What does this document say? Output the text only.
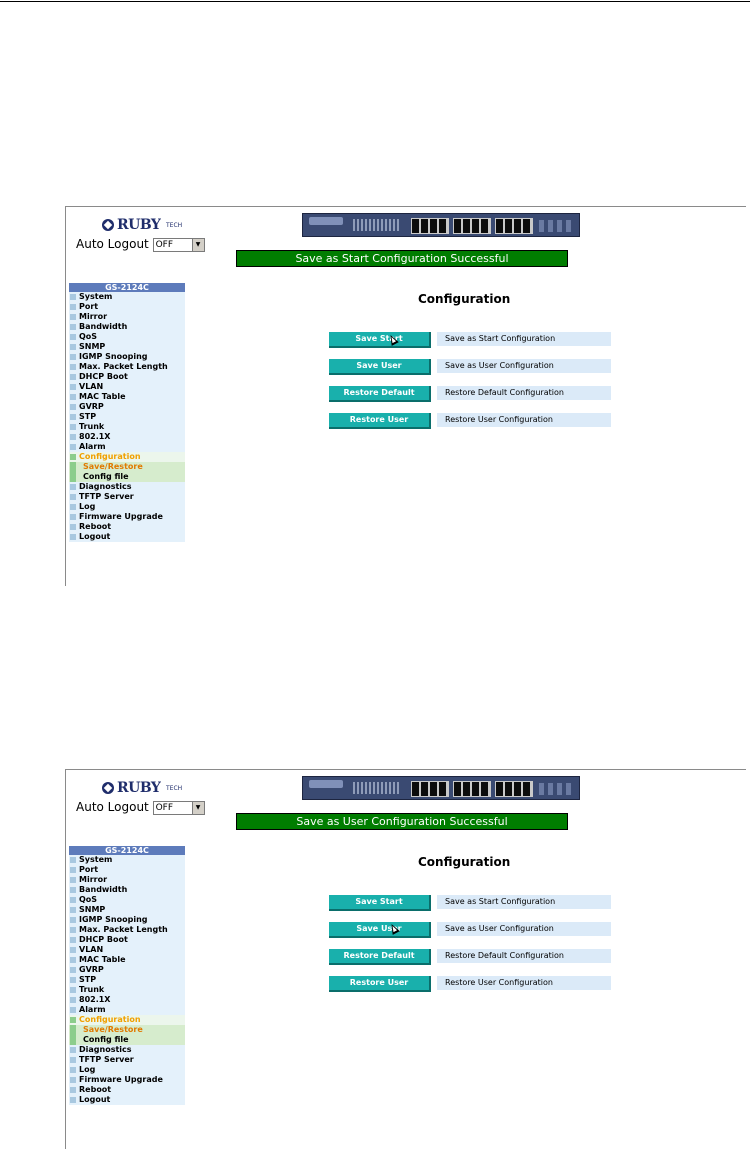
RUBY TECH
Auto Logout OFF	▼
Save as Start Configuration Successful
GS-2124C
System
Port
Mirror
Bandwidth
QoS
SNMP
IGMP Snooping
Max. Packet Length
DHCP Boot
VLAN
MAC Table
GVRP
STP
Trunk
802.1X
Alarm
Configuration
Save/Restore
Config file
Diagnostics
TFTP Server
Log
Firmware Upgrade
Reboot
Logout
Configuration
Save Start	Save as Start Configuration
Save User	Save as User Configuration
Restore Default	Restore Default Configuration
Restore User	Restore User Configuration
RUBY TECH
Auto Logout OFF	▼
Save as User Configuration Successful
GS-2124C
System
Port
Mirror
Bandwidth
QoS
SNMP
IGMP Snooping
Max. Packet Length
DHCP Boot
VLAN
MAC Table
GVRP
STP
Trunk
802.1X
Alarm
Configuration
Save/Restore
Config file
Diagnostics
TFTP Server
Log
Firmware Upgrade
Reboot
Logout
Configuration
Save Start	Save as Start Configuration
Save User	Save as User Configuration
Restore Default	Restore Default Configuration
Restore User	Restore User Configuration
